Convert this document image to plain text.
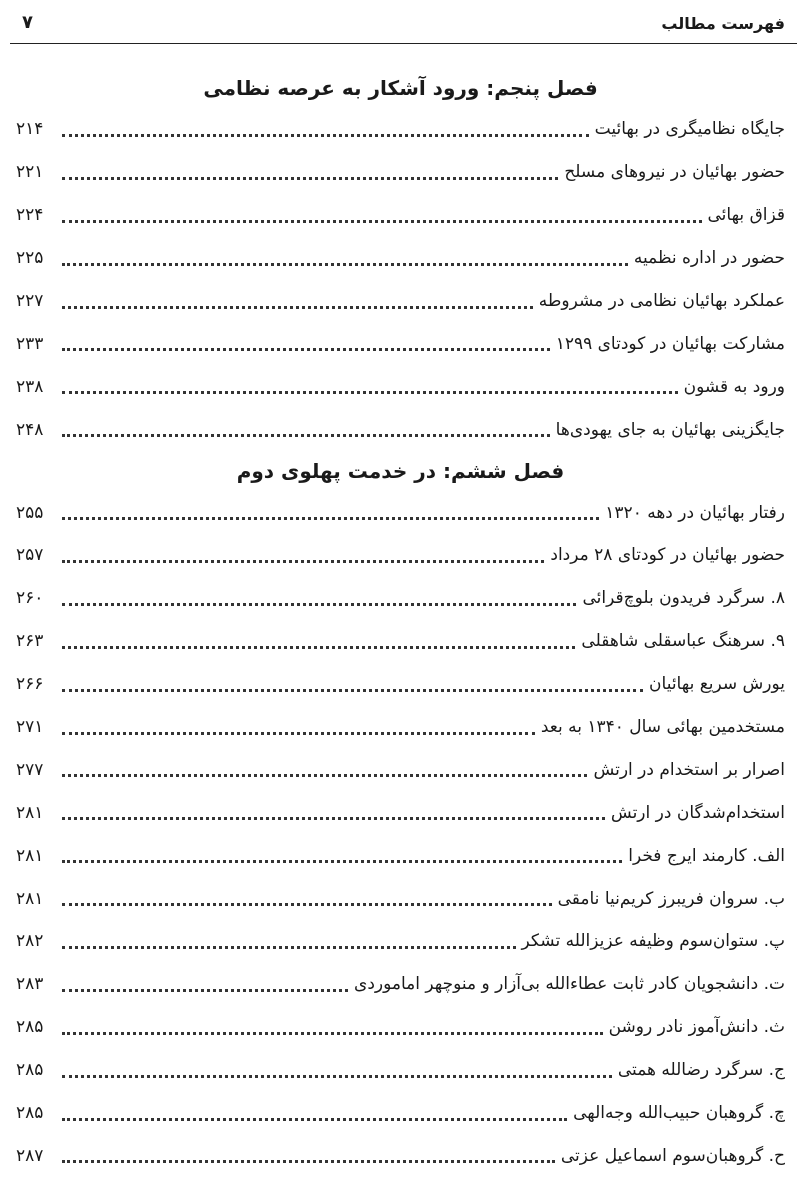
فهرست مطالب
۷
فصل پنجم: ورود آشکار به عرصه نظامی
جایگاه نظامیگری در بهائیت
۲۱۴
حضور بهائیان در نیروهای مسلح
۲۲۱
قزاق بهائی
۲۲۴
حضور در اداره نظمیه
۲۲۵
عملکرد بهائیان نظامی در مشروطه
۲۲۷
مشارکت بهائیان در کودتای ۱۲۹۹
۲۳۳
ورود به قشون
۲۳۸
جایگزینی بهائیان به جای یهودی‌ها
۲۴۸
فصل ششم: در خدمت پهلوی دوم
رفتار بهائیان در دهه ۱۳۲۰
۲۵۵
حضور بهائیان در کودتای ۲۸ مرداد
۲۵۷
۸. سرگرد فریدون بلوچ‌قرائی
۲۶۰
۹. سرهنگ عباسقلی شاهقلی
۲۶۳
یورش سریع بهائیان
۲۶۶
مستخدمین بهائی سال ۱۳۴۰ به بعد
۲۷۱
اصرار بر استخدام در ارتش
۲۷۷
استخدام‌شدگان در ارتش
۲۸۱
الف. کارمند ایرج فخرا
۲۸۱
ب. سروان فریبرز کریم‌نیا نامقی
۲۸۱
پ. ستوان‌سوم وظیفه عزیزالله تشکر
۲۸۲
ت. دانشجویان کادر ثابت عطاءالله بی‌آزار و منوچهر اماموردی
۲۸۳
ث. دانش‌آموز نادر روشن
۲۸۵
ج. سرگرد رضالله همتی
۲۸۵
چ. گروهبان حبیب‌الله وجه‌الهی
۲۸۵
ح. گروهبان‌سوم اسماعیل عزتی
۲۸۷
